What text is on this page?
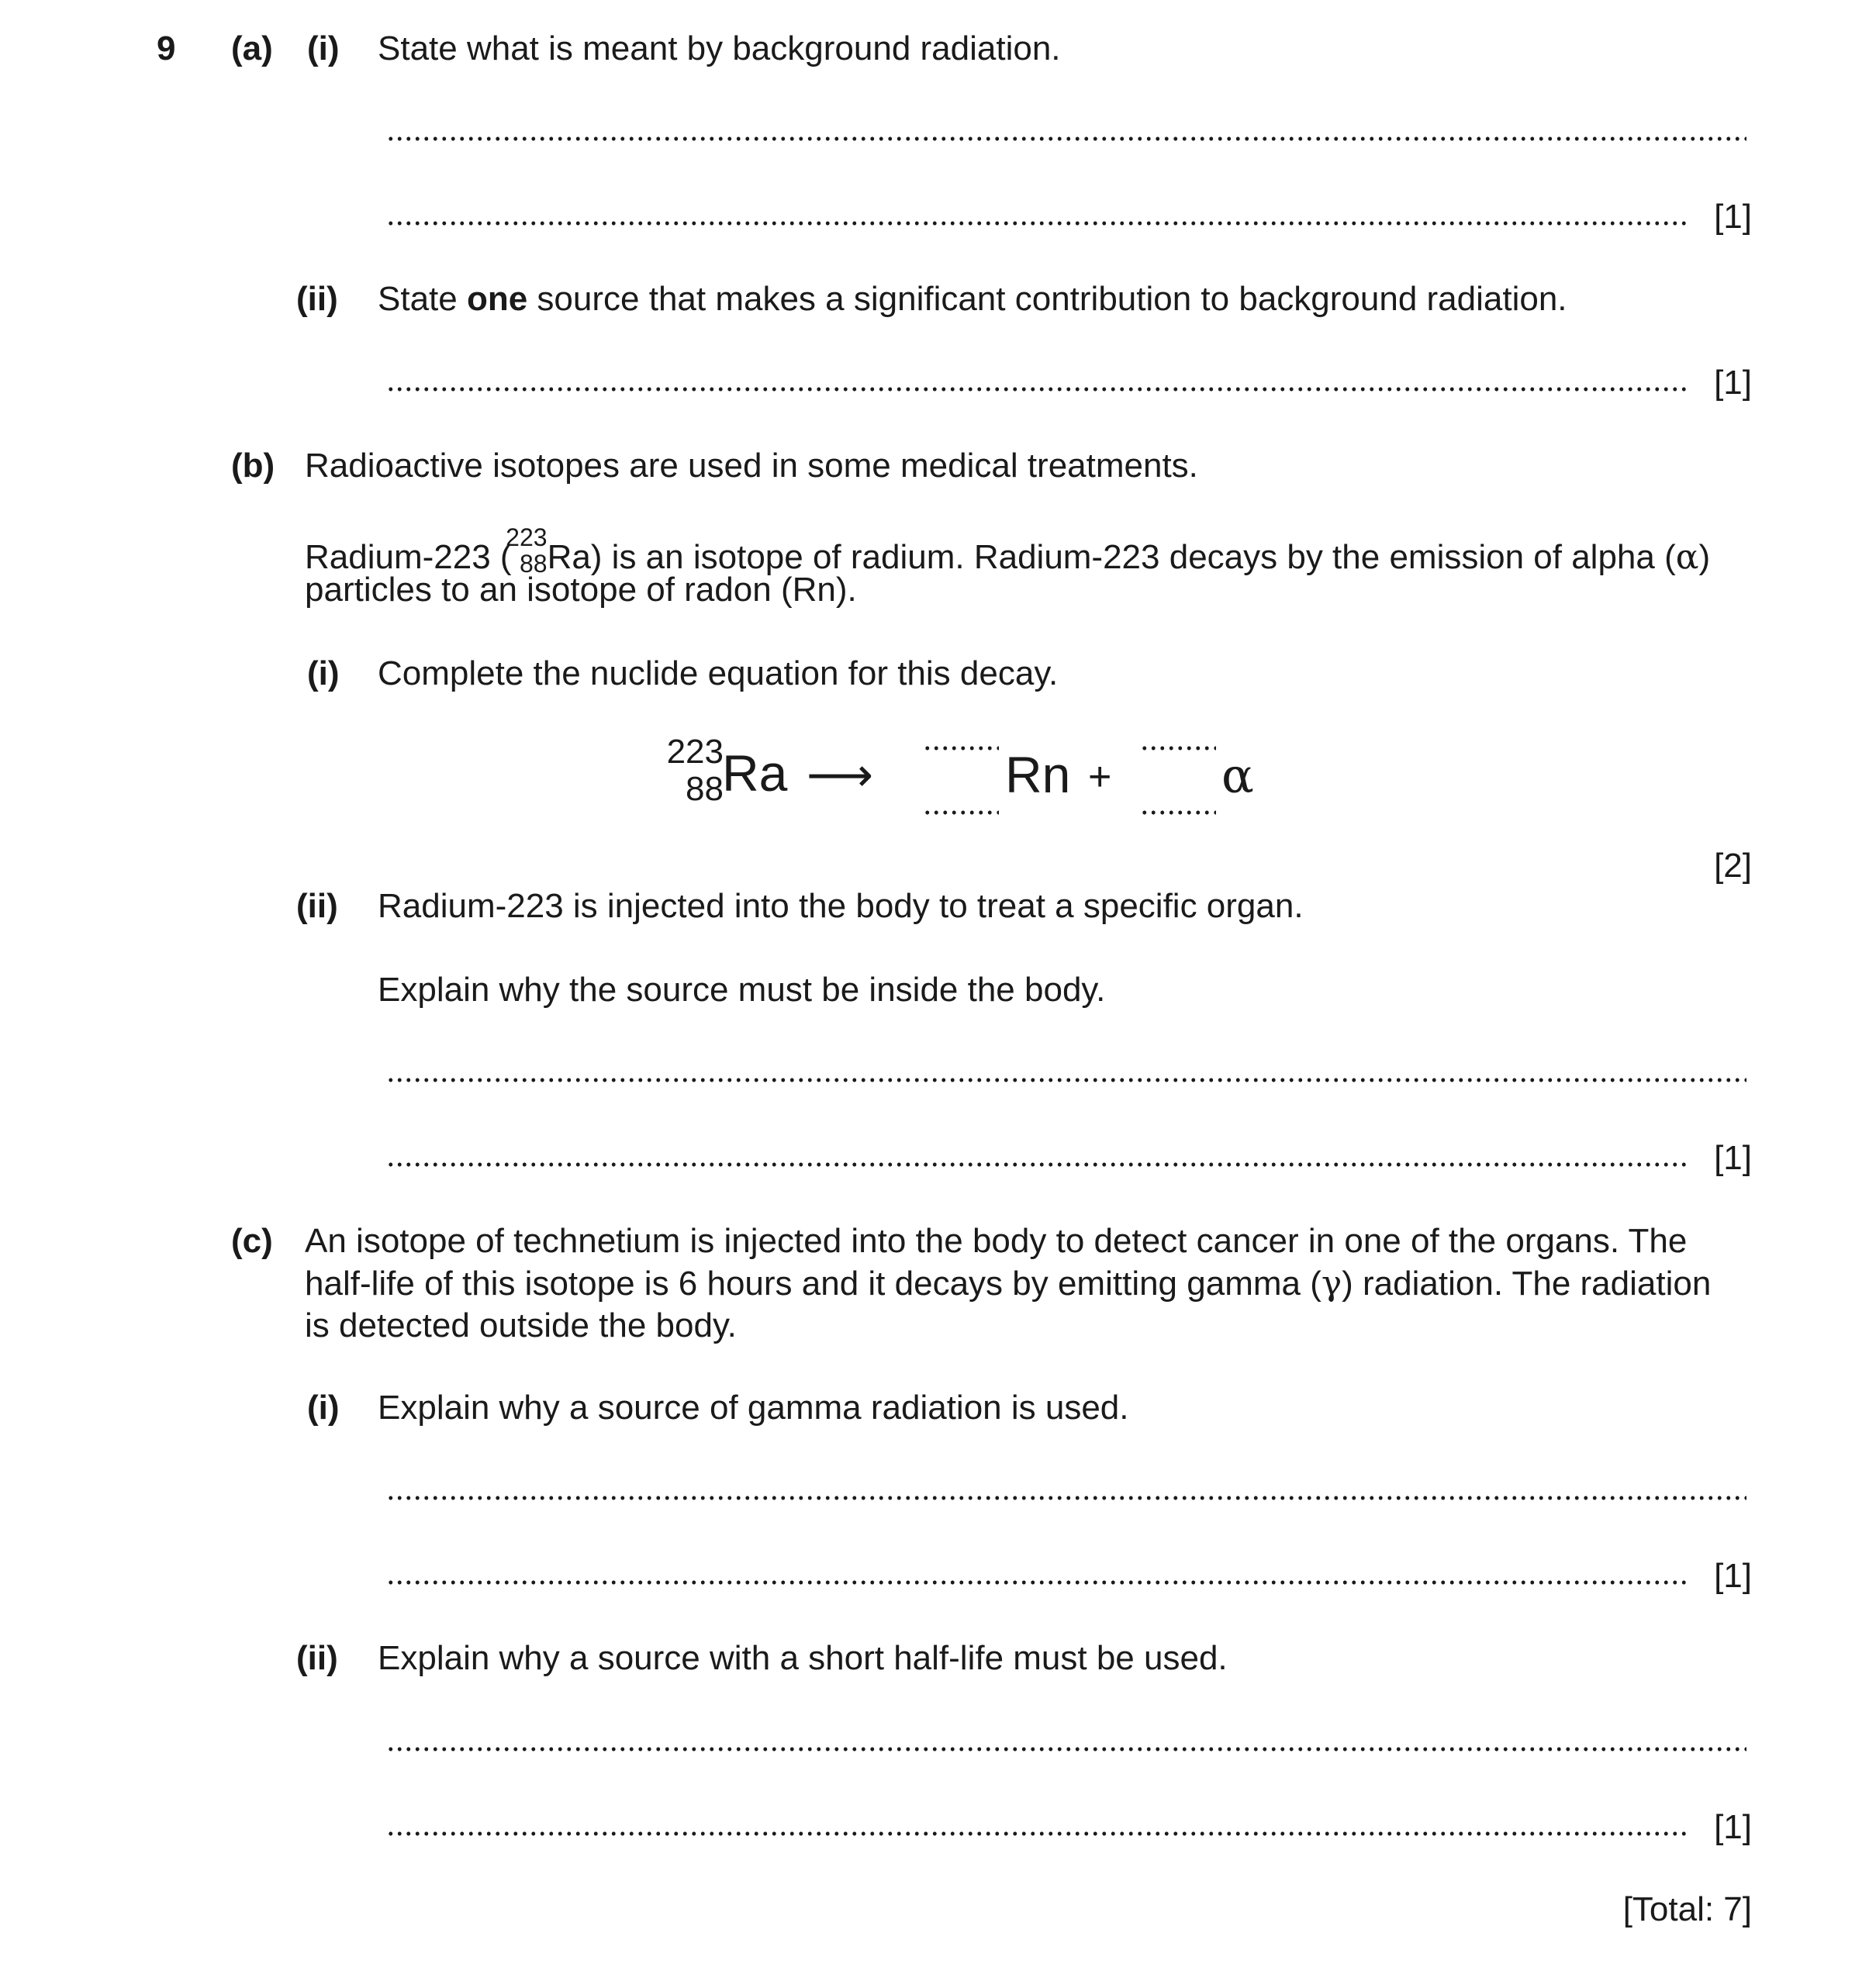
9 (a) (i) State what is meant by background radiation.
[1]
(ii) State one source that makes a significant contribution to background radiation.
[1]
(b) Radioactive isotopes are used in some medical treatments.
Radium-223 (
223
88 Ra) is an isotope of radium. Radium-223 decays by the emission of alpha (α)
particles to an isotope of radon (Rn).
(i) Complete the nuclide equation for this decay.
223
88
Ra ⟶	Rn + α
[2]
(ii) Radium-223 is injected into the body to treat a specific organ.
Explain why the source must be inside the body.
[1]
(c) An isotope of technetium is injected into the body to detect cancer in one of the organs. The
half-life of this isotope is 6 hours and it decays by emitting gamma (γ) radiation. The radiation
is detected outside the body.
(i) Explain why a source of gamma radiation is used.
[1]
(ii) Explain why a source with a short half-life must be used.
[1]
[Total: 7]
